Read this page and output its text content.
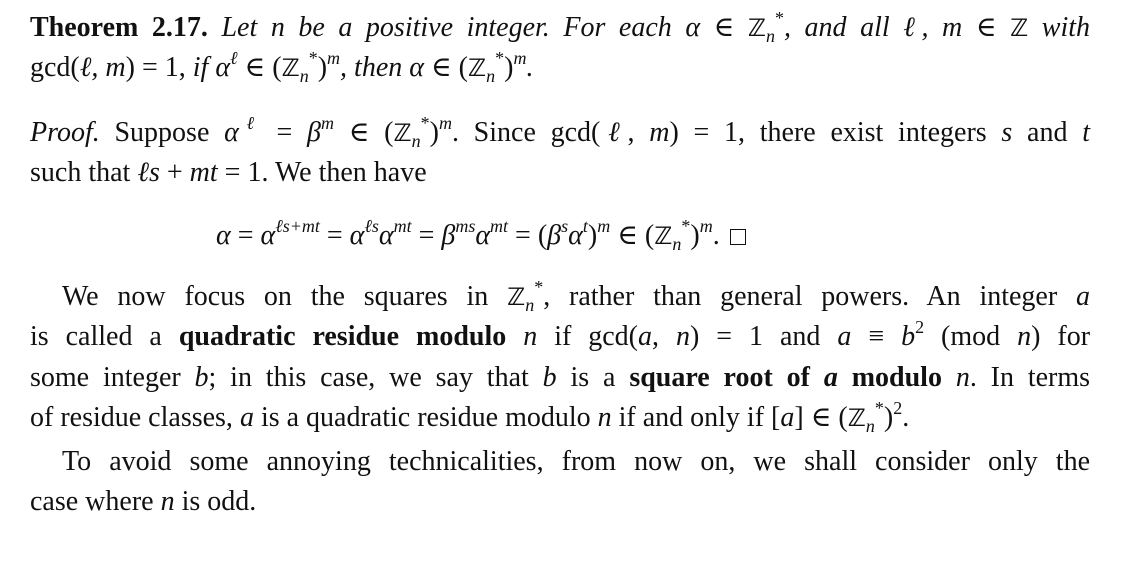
Theorem 2.17. Let n be a positive integer. For each α ∈ ℤ$_n$*, and all ℓ, m ∈ ℤ with
gcd(ℓ, m) = 1, if $\alpha^\ell$ ∈ (ℤ$_n$*)$^m$, then α ∈ (ℤ$_n$*)$^m$.
Proof. Suppose $\alpha^\ell = \beta^m$ ∈ (ℤ$_n$*)$^m$. Since gcd(ℓ, m) = 1, there exist integers s and t
such that ℓs + mt = 1. We then have
$\alpha = \alpha^{\ell s+mt} = \alpha^{\ell s}\alpha^{mt} = \beta^{ms}\alpha^{mt} = (\beta^s\alpha^t)^m$ ∈ (ℤ$_n$*)$^m$.
We now focus on the squares in ℤ$_n$*, rather than general powers. An integer a
is called a quadratic residue modulo n if gcd(a, n) = 1 and $a \equiv b^2$ (mod n) for
some integer b; in this case, we say that b is a square root of a modulo n. In terms
of residue classes, a is a quadratic residue modulo n if and only if [a] ∈ (ℤ$_n$*)$^2$.
To avoid some annoying technicalities, from now on, we shall consider only the
case where n is odd.
